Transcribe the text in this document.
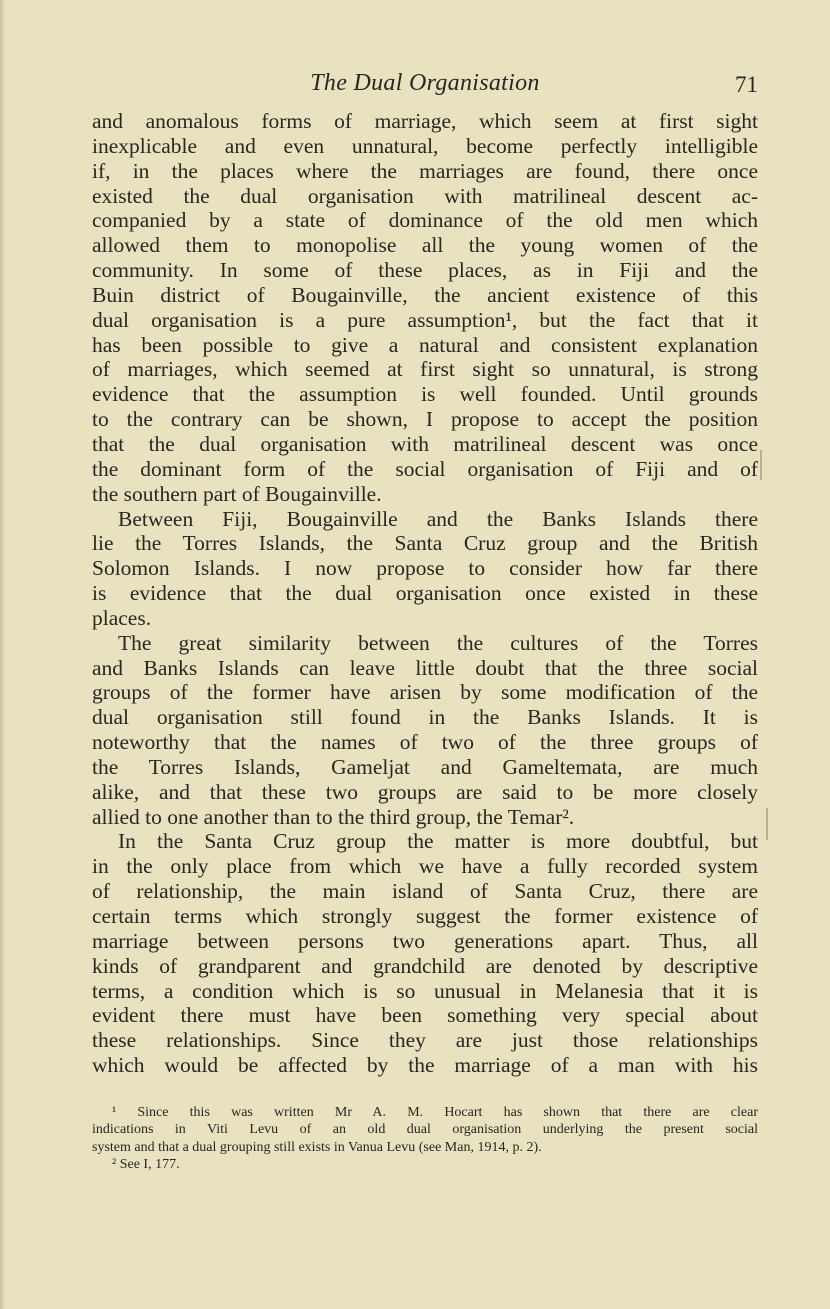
The Dual Organisation	71
and anomalous forms of marriage, which seem at first sight
inexplicable and even unnatural, become perfectly intelligible
if, in the places where the marriages are found, there once
existed the dual organisation with matrilineal descent ac-
companied by a state of dominance of the old men which
allowed them to monopolise all the young women of the
community. In some of these places, as in Fiji and the
Buin district of Bougainville, the ancient existence of this
dual organisation is a pure assumption¹, but the fact that it
has been possible to give a natural and consistent explanation
of marriages, which seemed at first sight so unnatural, is strong
evidence that the assumption is well founded. Until grounds
to the contrary can be shown, I propose to accept the position
that the dual organisation with matrilineal descent was once
the dominant form of the social organisation of Fiji and of
the southern part of Bougainville.
Between Fiji, Bougainville and the Banks Islands there
lie the Torres Islands, the Santa Cruz group and the British
Solomon Islands. I now propose to consider how far there
is evidence that the dual organisation once existed in these
places.
The great similarity between the cultures of the Torres
and Banks Islands can leave little doubt that the three social
groups of the former have arisen by some modification of the
dual organisation still found in the Banks Islands. It is
noteworthy that the names of two of the three groups of
the Torres Islands, Gameljat and Gameltemata, are much
alike, and that these two groups are said to be more closely
allied to one another than to the third group, the Temar².
In the Santa Cruz group the matter is more doubtful, but
in the only place from which we have a fully recorded system
of relationship, the main island of Santa Cruz, there are
certain terms which strongly suggest the former existence of
marriage between persons two generations apart. Thus, all
kinds of grandparent and grandchild are denoted by descriptive
terms, a condition which is so unusual in Melanesia that it is
evident there must have been something very special about
these relationships. Since they are just those relationships
which would be affected by the marriage of a man with his
¹ Since this was written Mr A. M. Hocart has shown that there are clear
indications in Viti Levu of an old dual organisation underlying the present social
system and that a dual grouping still exists in Vanua Levu (see Man, 1914, p. 2).
² See I, 177.
